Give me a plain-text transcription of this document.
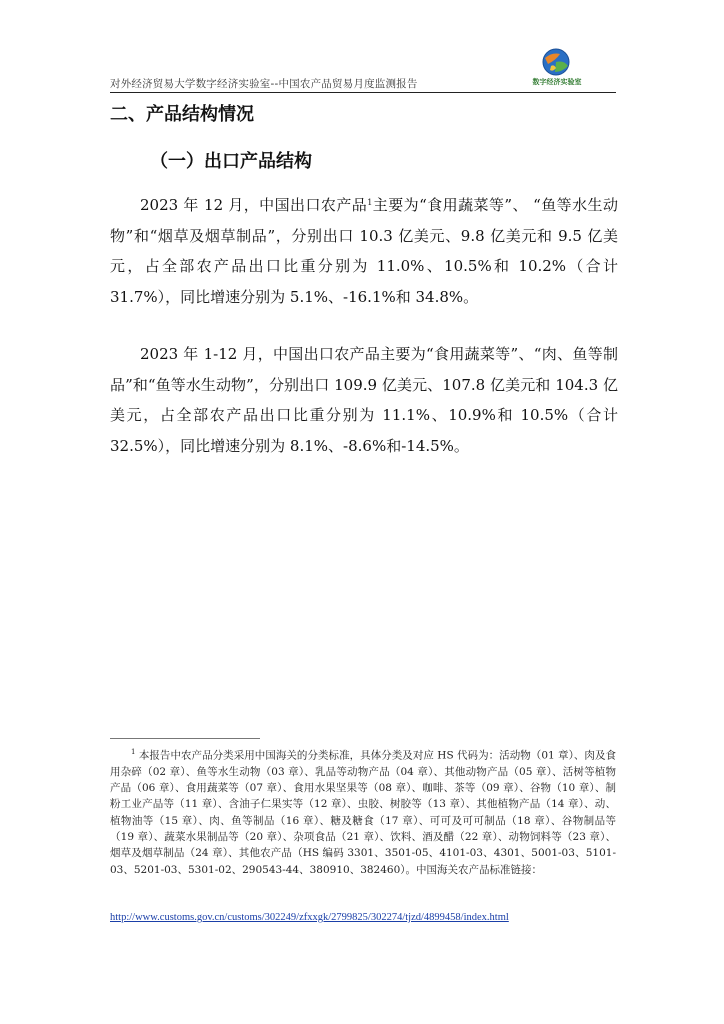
对外经济贸易大学数字经济实验室--中国农产品贸易月度监测报告	数字经济实验室
二、产品结构情况
（一）出口产品结构

2023 年 12 月，中国出口农产品$^1$主要为“食用蔬菜等”、 “鱼等水生动物”和“烟草及烟草制品”，分别出口 10.3 亿美元、9.8 亿美元和 9.5 亿美元，占全部农产品出口比重分别为 11.0%、10.5%和 10.2%（合计 31.7%），同比增速分别为 5.1%、-16.1%和 34.8%。

2023 年 1-12 月，中国出口农产品主要为“食用蔬菜等”、“肉、鱼等制品”和“鱼等水生动物”，分别出口 109.9 亿美元、107.8 亿美元和 104.3 亿美元，占全部农产品出口比重分别为 11.1%、10.9%和 10.5%（合计 32.5%），同比增速分别为 8.1%、-8.6%和-14.5%。

$^1$ 本报告中农产品分类采用中国海关的分类标准，具体分类及对应 HS 代码为：活动物（01 章）、肉及食用杂碎（02 章）、鱼等水生动物（03 章）、乳品等动物产品（04 章）、其他动物产品（05 章）、活树等植物产品（06 章）、食用蔬菜等（07 章）、食用水果坚果等（08 章）、咖啡、茶等（09 章）、谷物（10 章）、制粉工业产品等（11 章）、含油子仁果实等（12 章）、虫胶、树胶等（13 章）、其他植物产品（14 章）、动、植物油等（15 章）、肉、鱼等制品（16 章）、糖及糖食（17 章）、可可及可可制品（18 章）、谷物制品等（19 章）、蔬菜水果制品等（20 章）、杂项食品（21 章）、饮料、酒及醋（22 章）、动物饲料等（23 章）、烟草及烟草制品（24 章）、其他农产品（HS 编码 3301、3501-05、4101-03、4301、5001-03、5101-03、5201-03、5301-02、290543-44、380910、382460）。中国海关农产品标准链接：

http://www.customs.gov.cn/customs/302249/zfxxgk/2799825/302274/tjzd/4899458/index.html
